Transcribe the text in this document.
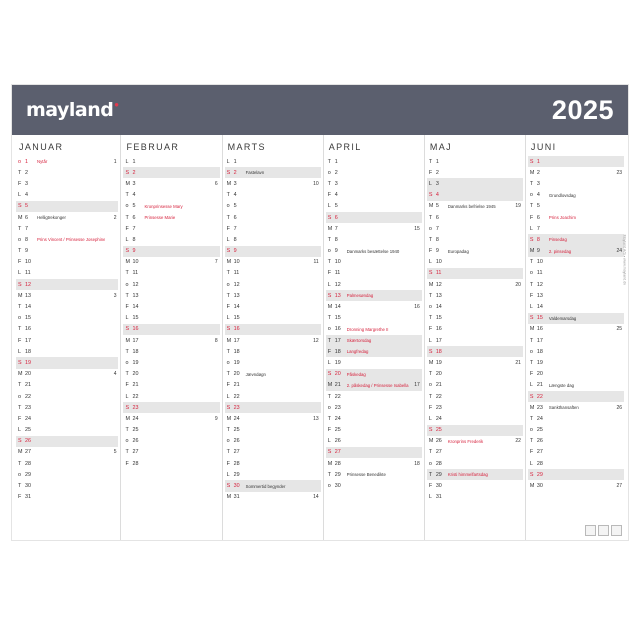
mayland•	2025
JANUAR
o 1	Nytår	1
T 2
F 3
L 4
S 5
M 6	Helligtrekonger	2
T 7
o 8	Prins Vincent / Prinsesse Josephine
T 9
F 10
L 11
S 12
M 13	3
T 14
o 15
T 16
F 17
L 18
S 19
M 20	4
T 21
o 22
T 23
F 24
L 25
S 26
M 27	5
T 28
o 29
T 30
F 31
FEBRUAR
L 1
S 2
M 3	6
T 4
o 5	Kronprinsesse Mary
T 6	Prinsesse Marie
F 7
L 8
S 9
M 10	7
T 11
o 12
T 13
F 14
L 15
S 16
M 17	8
T 18
o 19
T 20
F 21
L 22
S 23
M 24	9
T 25
o 26
T 27
F 28
MARTS
L 1
S 2	Fastelavn
M 3	10
T 4
o 5
T 6
F 7
L 8
S 9
M 10	11
T 11
o 12
T 13
F 14
L 15
S 16
M 17	12
T 18
o 19
T 20	Jævndøgn
F 21
L 22
S 23
M 24	13
T 25
o 26
T 27
F 28
L 29
S 30	Sommertid begynder
M 31	14
APRIL
T 1
o 2
T 3
F 4
L 5
S 6
M 7	15
T 8
o 9	Danmarks besættelse 1940
T 10
F 11
L 12
S 13	Palmesøndag
M 14	16
T 15
o 16	Dronning Margrethe II
T 17	Skærtorsdag
F 18	Langfredag
L 19
S 20	Påskedag
M 21	2. påskedag / Prinsesse Isabella	17
T 22
o 23
T 24
F 25
L 26
S 27
M 28	18
T 29	Prinsesse Benedikte
o 30
MAJ
T 1
F 2
L 3
S 4
M 5	Danmarks befrielse 1945	19
T 6
o 7
T 8
F 9	Europadag
L 10
S 11
M 12	20
T 13
o 14
T 15
F 16
L 17
S 18
M 19	21
T 20
o 21
T 22
F 23
L 24
S 25
M 26	Kronprins Frederik	22
T 27
o 28
T 29	Kristi himmelfartsdag
F 30
L 31
JUNI
S 1
M 2	23
T 3
o 4	Grundlovsdag
T 5
F 6	Prins Joachim
L 7
S 8	Pinsedag
M 9	2. pinsedag	24
T 10
o 11
T 12
F 13
L 14
S 15	Valdemarsdag
M 16	25
T 17
o 18
T 19
F 20
L 21	Længste dag
S 22
M 23	Sankthansaften	26
T 24
o 25
T 26
F 27
L 28
S 29
M 30	27
Mayland A/S • www.mayland.dk
